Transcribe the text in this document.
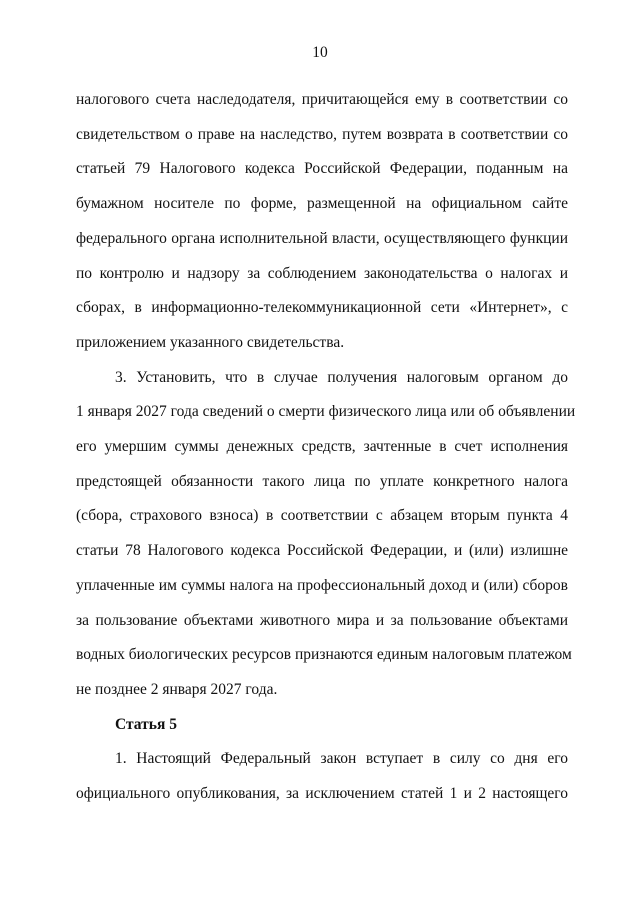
10
налогового счета наследодателя, причитающейся ему в соответствии со
свидетельством о праве на наследство, путем возврата в соответствии со
статьей 79 Налогового кодекса Российской Федерации, поданным на
бумажном носителе по форме, размещенной на официальном сайте
федерального органа исполнительной власти, осуществляющего функции
по контролю и надзору за соблюдением законодательства о налогах и
сборах, в информационно-телекоммуникационной сети «Интернет», с
приложением указанного свидетельства.
3. Установить, что в случае получения налоговым органом до
1 января 2027 года сведений о смерти физического лица или об объявлении
его умершим суммы денежных средств, зачтенные в счет исполнения
предстоящей обязанности такого лица по уплате конкретного налога
(сбора, страхового взноса) в соответствии с абзацем вторым пункта 4
статьи 78 Налогового кодекса Российской Федерации, и (или) излишне
уплаченные им суммы налога на профессиональный доход и (или) сборов
за пользование объектами животного мира и за пользование объектами
водных биологических ресурсов признаются единым налоговым платежом
не позднее 2 января 2027 года.
Статья 5
1. Настоящий Федеральный закон вступает в силу со дня его
официального опубликования, за исключением статей 1 и 2 настоящего
